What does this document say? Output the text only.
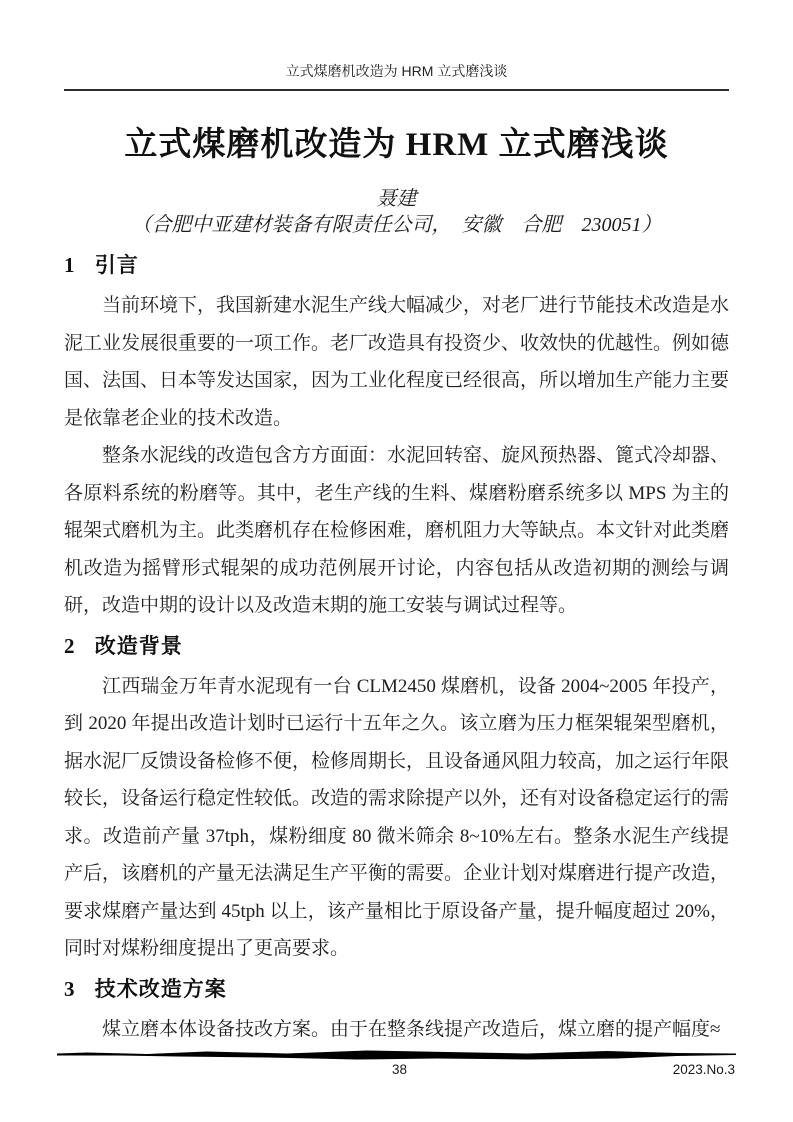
立式煤磨机改造为 HRM 立式磨浅谈
立式煤磨机改造为 HRM 立式磨浅谈
聂建
（合肥中亚建材装备有限责任公司，　安徽　合肥　230051）
1 引言

当前环境下，我国新建水泥生产线大幅减少，对老厂进行节能技术改造是水泥工业发展很重要的一项工作。老厂改造具有投资少、收效快的优越性。例如德国、法国、日本等发达国家，因为工业化程度已经很高，所以增加生产能力主要是依靠老企业的技术改造。

整条水泥线的改造包含方方面面：水泥回转窑、旋风预热器、篦式冷却器、各原料系统的粉磨等。其中，老生产线的生料、煤磨粉磨系统多以 MPS 为主的辊架式磨机为主。此类磨机存在检修困难，磨机阻力大等缺点。本文针对此类磨机改造为摇臂形式辊架的成功范例展开讨论，内容包括从改造初期的测绘与调研，改造中期的设计以及改造末期的施工安装与调试过程等。

2 改造背景

江西瑞金万年青水泥现有一台 CLM2450 煤磨机，设备 2004~2005 年投产，到 2020 年提出改造计划时已运行十五年之久。该立磨为压力框架辊架型磨机，据水泥厂反馈设备检修不便，检修周期长，且设备通风阻力较高，加之运行年限较长，设备运行稳定性较低。改造的需求除提产以外，还有对设备稳定运行的需求。改造前产量 37tph，煤粉细度 80 微米筛余 8~10%左右。整条水泥生产线提产后，该磨机的产量无法满足生产平衡的需要。企业计划对煤磨进行提产改造，要求煤磨产量达到 45tph 以上，该产量相比于原设备产量，提升幅度超过 20%，同时对煤粉细度提出了更高要求。

3 技术改造方案

煤立磨本体设备技改方案。由于在整条线提产改造后，煤立磨的提产幅度≈

38	2023.No.3
